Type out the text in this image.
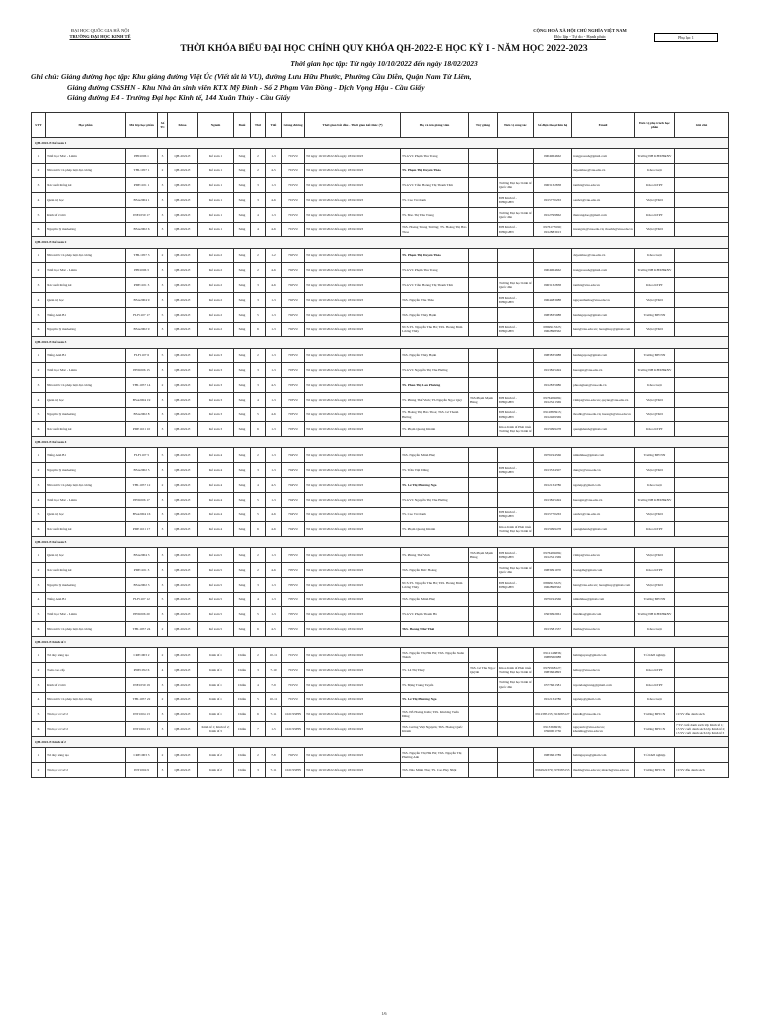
ĐẠI HỌC QUỐC GIA HÀ NỘI
TRƯỜNG ĐẠI HỌC KINH TẾ
CỘNG HOÀ XÃ HỘI CHỦ NGHĨA VIỆT NAM
Độc lập - Tự do - Hạnh phúc	Phụ lục 1
THỜI KHÓA BIỂU ĐẠI HỌC CHÍNH QUY KHÓA QH-2022-E HỌC KỲ I - NĂM HỌC 2022-2023
Thời gian học tập: Từ ngày 10/10/2022 đến ngày 18/02/2023
Ghi chú: Giảng đường học tập: Khu giảng đường Việt Úc (Viết tắt là VU), đường Lưu Hữu Phước, Phường Cầu Diễn, Quận Nam Từ Liêm,
Giảng đường CSSHN - Khu Nhà ăn sinh viên KTX Mỹ Đình - Số 2 Phạm Văn Đồng - Dịch Vọng Hậu - Cầu Giấy
Giảng đường E4 - Trường Đại học Kinh tế, 144 Xuân Thủy - Cầu Giấy
STT	Học phần	Mã lớp học phần	Số TC	Khóa	Ngành	Buổi	Thứ	Tiết	Giảng đường	Thời gian bắt đầu - Thời gian kết thúc (*)	Họ và tên giảng viên	Trợ giảng	Đơn vị công tác	Số điện thoại liên hệ	Email	Đơn vị phụ trách học phần	Ghi chú
QH-2022-E Kế toán 1																	
1	Triết học Mác - Lênin	PHI1006 1	3	QH-2022-E	Kế toán 1	Sáng	2	1-3	701VU	Từ ngày 10/10/2022 đến ngày 18/02/2023	TS.GVC Phạm Thu Trang			0904964662	trangpt.ussh@gmail.com	Trường ĐH KHXH&NV	
2	Nhà nước và pháp luật đại cương	THL1057 1	2	QH-2022-E	Kế toán 1	Sáng	2	4-5	701VU	Từ ngày 10/10/2022 đến ngày 18/02/2023	TS. Phạm Thị Duyên Thảo				duyenthao@vnu.edu.vn	Khoa Luật	
3	Xác suất thống kê	PDE1101 1	3	QH-2022-E	Kế toán 1	Sáng	3	1-3	701VU	Từ ngày 10/10/2022 đến ngày 18/02/2023	TS.GVC Trần Hoàng Thị Thanh Tâm		Trường Đại học Kinh tế Quốc dân	0963132838	tanthtt@vnu.edu.vn	Khoa KTPT	
4	Quản trị học	BSA2004 1	3	QH-2022-E	Kế toán 1	Sáng	3	4-6	701VU	Từ ngày 10/10/2022 đến ngày 18/02/2023	TS. Cao Tú Oanh		ĐH Kinh tế - ĐHQGHN	0915770263	oanhct@vnu.edu.vn	Viện QTKD	
5	Kinh tế vi mô	INE1050 17	3	QH-2022-E	Kế toán 1	Sáng	4	1-3	701VU	Từ ngày 10/10/2022 đến ngày 18/02/2023	TS. Đào Thị Thu Trang		Trường Đại học Kinh tế Quốc dân	0912799862	thutrangdao@gmail.com	Khoa KTPT	
6	Nguyên lý marketing	BSA2002 6	3	QH-2022-E	Kế toán 1	Sáng	4	4-6	701VU	Từ ngày 10/10/2022 đến ngày 18/02/2023	ThS. Hoàng Trung Trường; TS. Hoàng Thị Bảo Thoa		ĐH Kinh tế - ĐHQGHN	0976175590; 0912883913	truongvn@vnu.edu.vn; thoahb@vnu.edu.vn	Viện QTKD	
QH-2022-E Kế toán 2																	
1	Nhà nước và pháp luật đại cương	THL1057 3	2	QH-2022-E	Kế toán 2	Sáng	2	1-2	702VU	Từ ngày 10/10/2022 đến ngày 18/02/2023	TS. Phạm Thị Duyên Thảo				duyenthao@vnu.edu.vn	Khoa Luật	
2	Triết học Mác - Lênin	PHI1006 3	3	QH-2022-E	Kế toán 2	Sáng	2	4-6	702VU	Từ ngày 10/10/2022 đến ngày 18/02/2023	TS.GVC Phạm Thu Trang			0904964662	trangpt.ussh@gmail.com	Trường ĐH KHXH&NV	
3	Xác suất thống kê	PDE1101 3	3	QH-2022-E	Kế toán 2	Sáng	3	4-6	702VU	Từ ngày 10/10/2022 đến ngày 18/02/2023	TS.GVC Trần Hoàng Thị Thanh Tâm		Trường Đại học Kinh tế Quốc dân	0963132838	tanthtt@vnu.edu.vn	Khoa KTPT	
4	Quản trị học	BSA2004 9	3	QH-2022-E	Kế toán 2	Sáng	3	1-3	702VU	Từ ngày 10/10/2022 đến ngày 18/02/2023	ThS. Nguyễn Thu Thảo		ĐH Kinh tế - ĐHQGHN	0964483988	nguyenthutha@vnu.edu.vn	Viện QTKD	
5	Tiếng Anh B1	FLF1107 17	5	QH-2022-E	Kế toán 2	Sáng	5	1-3	702VU	Từ ngày 10/10/2022 đến ngày 18/02/2023	ThS. Nguyễn Thúy Hạnh			0983835988	hanhnguyen@gmail.com	Trường ĐH NN	
6	Nguyên lý marketing	BSA2002 9	3	QH-2022-E	Kế toán 2	Sáng	6	1-3	702VU	Từ ngày 10/10/2022 đến ngày 18/02/2023	NCS.TS. Nguyễn Thu Hà; ThS. Hoàng Đàm Lương Thủy		ĐH Kinh tế - ĐHQGHN	0869913323; 0962898362	hant@vnu.edu.vn; luongthuy@gmail.com	Viện QTKD	
QH-2022-E Kế toán 3																	
1	Tiếng Anh B1	FLF1107 6	5	QH-2022-E	Kế toán 3	Sáng	2	1-3	703VU	Từ ngày 10/10/2022 đến ngày 18/02/2023	ThS. Nguyễn Thúy Hạnh			0983835988	hanhnguyen@gmail.com	Trường ĐH NN	
2	Triết học Mác - Lênin	PHI1006 15	3	QH-2022-E	Kế toán 3	Sáng	3	1-3	703VU	Từ ngày 10/10/2022 đến ngày 18/02/2023	TS.GVC Nguyễn Thị Thu Hường			0913825494	huongnt@vnu.edu.vn	Trường ĐH KHXH&NV	
3	Nhà nước và pháp luật đại cương	THL1057 14	2	QH-2022-E	Kế toán 3	Sáng	3	4-5	703VU	Từ ngày 10/10/2022 đến ngày 18/02/2023	TS. Phan Thị Lan Phương			0912835986	phuongluat@vnu.edu.vn	Khoa Luật	
4	Quản trị học	BSA2004 19	3	QH-2022-E	Kế toán 3	Sáng	4	1-3	703VU	Từ ngày 10/10/2022 đến ngày 18/02/2023	TS. Phùng Thế Vinh; TS.Nguyễn Ngọc Quý	ThS.Phạm Mạnh Hùng	ĐH Kinh tế - ĐHQGHN	0976499284; 0912321369	vinhpt@vnu.edu.vn; quynn@vnu.edu.vn	Viện QTKD	
5	Nguyên lý marketing	BSA2002 8	3	QH-2022-E	Kế toán 3	Sáng	5	4-6	703VU	Từ ngày 10/10/2022 đến ngày 18/02/2023	TS. Hoàng Thị Bảo Thoa; ThS. Lê Thanh Hương		ĐH Kinh tế - ĐHQGHN	0912883913; 0912469369	thoahb@vnu.edu.vn; huonglt@vnu.edu.vn	Viện QTKD	
6	Xác suất thống kê	PDE1101 10	3	QH-2022-E	Kế toán 3	Sáng	6	1-3	703VU	Từ ngày 10/10/2022 đến ngày 18/02/2023	TS. Phạm Quang Khánh		Khoa Kinh tế Phát triển Trường Đại học Kinh tế	0915999478	quangkhanh@gmail.com	Khoa KTPT	
QH-2022-E Kế toán 4																	
1	Tiếng Anh B1	FLF1107 5	5	QH-2022-E	Kế toán 4	Sáng	2	1-3	704VU	Từ ngày 10/10/2022 đến ngày 18/02/2023	ThS. Nguyễn Minh Huệ			0976194566	nminhhue@gmail.com	Trường ĐH NN	
2	Nguyên lý marketing	BSA2002 5	3	QH-2022-E	Kế toán 4	Sáng	3	1-3	704VU	Từ ngày 10/10/2022 đến ngày 18/02/2023	TS. Trần Việt Dũng		ĐH Kinh tế - ĐHQGHN	0913534307	dungtv@vnu.edu.vn	Viện QTKD	
3	Nhà nước và pháp luật đại cương	THL1057 12	2	QH-2022-E	Kế toán 4	Sáng	4	4-5	704VU	Từ ngày 10/10/2022 đến ngày 18/02/2023	TS. Lê Thị Phương Nga			0912134786	ngaletp@gmail.com	Khoa Luật	
4	Triết học Mác - Lênin	PHI1006 17	3	QH-2022-E	Kế toán 4	Sáng	5	1-3	704VU	Từ ngày 10/10/2022 đến ngày 18/02/2023	TS.GVC Nguyễn Thị Thu Hường			0913825494	huongnt@vnu.edu.vn	Trường ĐH KHXH&NV	
5	Quản trị học	BSA2004 16	3	QH-2022-E	Kế toán 4	Sáng	5	4-6	704VU	Từ ngày 10/10/2022 đến ngày 18/02/2023	TS. Cao Tú Oanh		ĐH Kinh tế - ĐHQGHN	0915770263	oanhct@vnu.edu.vn	Viện QTKD	
6	Xác suất thống kê	PDE1101 17	3	QH-2022-E	Kế toán 4	Sáng	6	4-6	704VU	Từ ngày 10/10/2022 đến ngày 18/02/2023	TS. Phạm Quang Khánh		Khoa Kinh tế Phát triển Trường Đại học Kinh tế	0915999478	quangkhanh@gmail.com	Khoa KTPT	
QH-2022-E Kế toán 5																	
1	Quản trị học	BSA2004 3	3	QH-2022-E	Kế toán 5	Sáng	2	1-3	705VU	Từ ngày 10/10/2022 đến ngày 18/02/2023	TS. Phùng Thế Vinh	ThS.Phạm Mạnh Hùng	ĐH Kinh tế - ĐHQGHN	0976499284; 0912321369	vinhpt@vnu.edu.vn	Viện QTKD	
2	Xác suất thống kê	PDE1101 3	3	QH-2022-E	Kế toán 5	Sáng	2	4-6	705VU	Từ ngày 10/10/2022 đến ngày 18/02/2023	ThS. Nguyễn Đức Hoàng		Trường Đại học Kinh tế Quốc dân	0983991970	hoangdh@gmail.com	Khoa KTPT	
3	Nguyên lý marketing	BSA2002 3	3	QH-2022-E	Kế toán 5	Sáng	3	1-3	705VU	Từ ngày 10/10/2022 đến ngày 18/02/2023	NCS.TS. Nguyễn Thu Hà; ThS. Hoàng Đàm Lương Thủy		ĐH Kinh tế - ĐHQGHN	0869913323; 0962898362	hant@vnu.edu.vn; luongthuy@gmail.com	Viện QTKD	
4	Tiếng Anh B1	FLF1107 12	5	QH-2022-E	Kế toán 5	Sáng	4	1-3	705VU	Từ ngày 10/10/2022 đến ngày 18/02/2023	ThS. Nguyễn Minh Huệ			0976194566	nminhhue@gmail.com	Trường ĐH NN	
5	Triết học Mác - Lênin	PHI1006 20	3	QH-2022-E	Kế toán 5	Sáng	5	1-3	705VU	Từ ngày 10/10/2022 đến ngày 18/02/2023	TS.GVC Phạm Thanh Hà			0363992961	thanhha@gmail.com	Trường ĐH KHXH&NV	
6	Nhà nước và pháp luật đại cương	THL1057 24	2	QH-2022-E	Kế toán 5	Sáng	6	4-5	705VU	Từ ngày 10/10/2022 đến ngày 18/02/2023	ThS. Hoàng Như Thái			0913581337	thaihn@vnu.edu.vn	Khoa Luật	
QH-2022-E Kinh tế 1																	
1	Tư duy sáng tạo	CRE1003 2	2	QH-2022-E	Kinh tế 1	Chiều	2	10-11	701VU	Từ ngày 10/10/2022 đến ngày 18/02/2023	ThS. Nguyễn Thị Hải Hà; ThS. Nguyễn Xuân Thành			0912146836; 0988360988	hahtnguyen@gmail.com	Tổ Khởi nghiệp	
2	Toán cao cấp	PDE1052 6	4	QH-2022-E	Kinh tế 1	Chiều	3	7-10	701VU	Từ ngày 10/10/2022 đến ngày 18/02/2023	TS. Lê Thị Thuý	ThS. Lê Thu Ngọc Quỳnh	Khoa Kinh tế Phát triển Trường Đại học Kinh tế	0979568127; 0983664893	lethuy@vnu.edu.vn	Khoa KTPT	
3	Kinh tế vi mô	INE1050 19	3	QH-2022-E	Kinh tế 1	Chiều	4	7-9	701VU	Từ ngày 10/10/2022 đến ngày 18/02/2023	TS. Đặng Trung Tuyến		Trường Đại học Kinh tế Quốc dân	0377661381	tuyendangtrung@gmail.com	Khoa KTPT	
4	Nhà nước và pháp luật đại cương	THL1057 22	2	QH-2022-E	Kinh tế 1	Chiều	5	10-11	701VU	Từ ngày 10/10/2022 đến ngày 18/02/2023	TS. Lê Thị Phương Nga			0912134786	ngaletp@gmail.com	Khoa Luật	
5	Tin học cơ sở 2	INT1004 13	3	QH-2022-E	Kinh tế 1	Chiều	6	7-11	102CSSHN	Từ ngày 10/10/2022 đến ngày 18/02/2023	ThS. Đỗ Hoàng Kiên; ThS. Khương Tuấn Dũng			0912385135; 916083127	kiendh@vnu.edu.vn	Trường ĐH CN	19 SV đầu danh sách
6	Tin học cơ sở 2	INT1004 13	3	QH-2022-E	Kinh tế 1; Kinh tế 2; Kinh tế 3	Chiều	7	1-5	102CSSHN	Từ ngày 10/10/2022 đến ngày 18/02/2023	ThS. Lương Việt Nguyên; ThS. Hoàng Quốc Khánh			0913366936; 0396001736	nguyenlv@vnu.edu.vn; khanhhq@vnu.edu.vn	Trường ĐH CN	7 SV cuối danh sách lớp Kinh tế 1; 13 SV cuối danh sách lớp Kinh tế 2; 13 SV cuối danh sách lớp Kinh tế 3
QH-2022-E Kinh tế 2																	
1	Tư duy sáng tạo	CRE1003 3	2	QH-2022-E	Kinh tế 2	Chiều	2	7-8	702VU	Từ ngày 10/10/2022 đến ngày 18/02/2023	ThS. Nguyễn Thị Hải Hà; ThS. Nguyễn Thị Phương Anh			0983661789	hahtnguyen@gmail.com	Tổ Khởi nghiệp	
2	Tin học cơ sở 2	INT1004 9	3	QH-2022-E	Kinh tế 2	Chiều	3	7-11	102CSSHN	Từ ngày 10/10/2022 đến ngày 18/02/2023	ThS. Đào Minh Thu; TS. Cao Huy Nhật			0962922379; 976583153	thudm@vnu.edu.vn; nhatch@vnu.edu.vn	Trường ĐH CN	19 SV đầu danh sách
1/6
